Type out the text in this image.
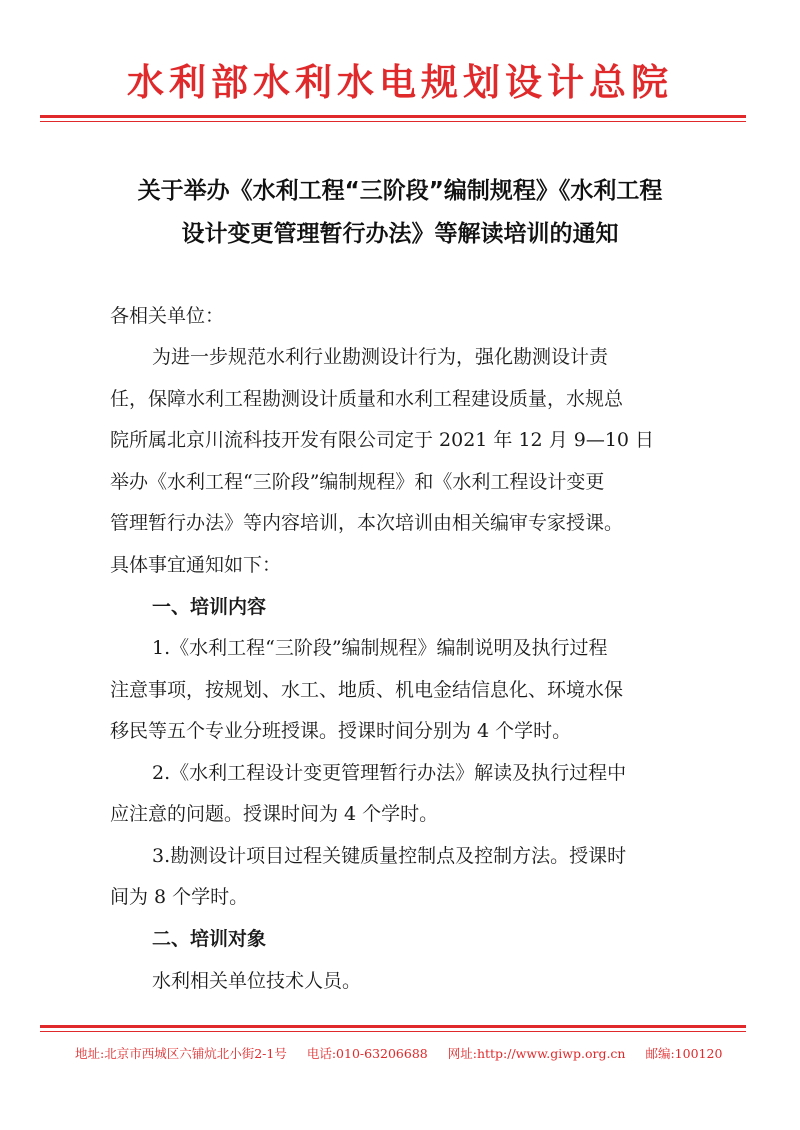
水利部水利水电规划设计总院
关于举办《水利工程“三阶段”编制规程》《水利工程
设计变更管理暂行办法》等解读培训的通知
各相关单位：
为进一步规范水利行业勘测设计行为，强化勘测设计责
任，保障水利工程勘测设计质量和水利工程建设质量，水规总
院所属北京川流科技开发有限公司定于 2021 年 12 月 9—10 日
举办《水利工程“三阶段”编制规程》和《水利工程设计变更
管理暂行办法》等内容培训，本次培训由相关编审专家授课。
具体事宜通知如下：
一、培训内容
1.《水利工程“三阶段”编制规程》编制说明及执行过程
注意事项，按规划、水工、地质、机电金结信息化、环境水保
移民等五个专业分班授课。授课时间分别为 4 个学时。
2.《水利工程设计变更管理暂行办法》解读及执行过程中
应注意的问题。授课时间为 4 个学时。
3.勘测设计项目过程关键质量控制点及控制方法。授课时
间为 8 个学时。
二、培训对象
水利相关单位技术人员。
地址:北京市西城区六铺炕北小街2-1号 电话:010-63206688 网址:http://www.giwp.org.cn 邮编:100120
